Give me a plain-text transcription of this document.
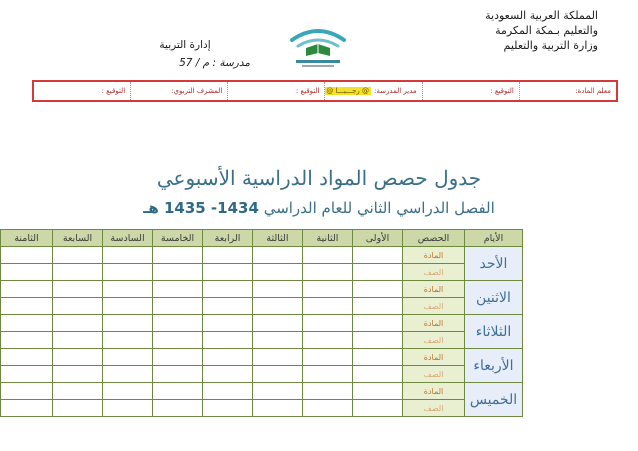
المملكة العربية السعودية
والتعليم بـمكة المكرمة
وزارة التربية والتعليم
إدارة التربية
مدرسة : م / 57
معلم المادة:
التوقيع :
مدير المدرسة:
@ رجـــبـــا @
التوقيع :
المشرف التربوي:
التوقيع :
جدول حصص المواد الدراسية الأسبوعي
الفصل الدراسي الثاني للعام الدراسي 1434- 1435 هـ
الأيام	الحصص	الأولى	الثانية	الثالثة	الرابعة	الخامسة	السادسة	السابعة	الثامنة
الأحد	المادة								
	الصف								
الاثنين	المادة								
	الصف								
الثلاثاء	المادة								
	الصف								
الأربعاء	المادة								
	الصف								
الخميس	المادة								
	الصف								
